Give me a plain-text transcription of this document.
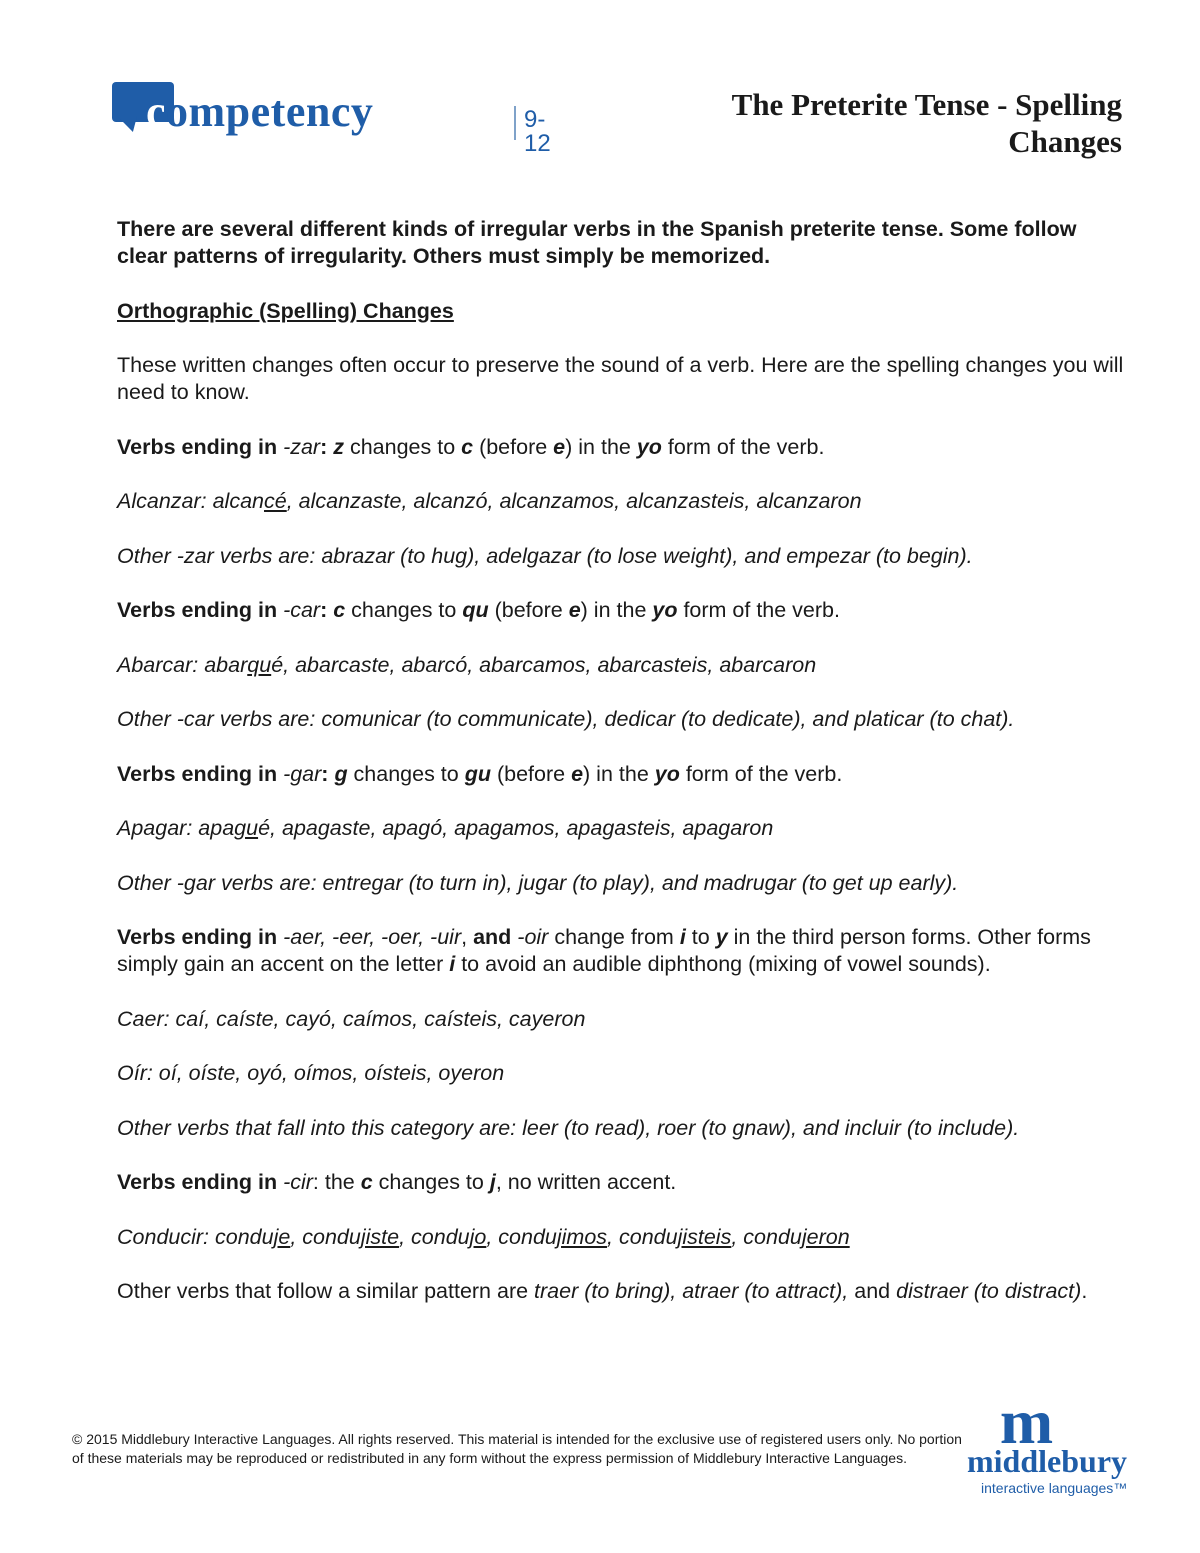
competency	9-12
The Preterite Tense - Spelling
Changes

There are several different kinds of irregular verbs in the Spanish preterite tense. Some follow clear patterns of irregularity. Others must simply be memorized.

Orthographic (Spelling) Changes

These written changes often occur to preserve the sound of a verb. Here are the spelling changes you will need to know.

Verbs ending in -zar: z changes to c (before e) in the yo form of the verb.

Alcanzar: alcancé, alcanzaste, alcanzó, alcanzamos, alcanzasteis, alcanzaron

Other -zar verbs are: abrazar (to hug), adelgazar (to lose weight), and empezar (to begin).

Verbs ending in -car: c changes to qu (before e) in the yo form of the verb.

Abarcar: abarqué, abarcaste, abarcó, abarcamos, abarcasteis, abarcaron

Other -car verbs are: comunicar (to communicate), dedicar (to dedicate), and platicar (to chat).

Verbs ending in -gar: g changes to gu (before e) in the yo form of the verb.

Apagar: apagué, apagaste, apagó, apagamos, apagasteis, apagaron

Other -gar verbs are: entregar (to turn in), jugar (to play), and madrugar (to get up early).

Verbs ending in -aer, -eer, -oer, -uir, and -oir change from i to y in the third person forms. Other forms simply gain an accent on the letter i to avoid an audible diphthong (mixing of vowel sounds).

Caer: caí, caíste, cayó, caímos, caísteis, cayeron

Oír: oí, oíste, oyó, oímos, oísteis, oyeron

Other verbs that fall into this category are: leer (to read), roer (to gnaw), and incluir (to include).

Verbs ending in -cir: the c changes to j, no written accent.

Conducir: conduje, condujiste, condujo, condujimos, condujisteis, condujeron

Other verbs that follow a similar pattern are traer (to bring), atraer (to attract), and distraer (to distract).

© 2015 Middlebury Interactive Languages. All rights reserved. This material is intended for the exclusive use of registered users only. No portion of these materials may be reproduced or redistributed in any form without the express permission of Middlebury Interactive Languages.
m
middlebury
interactive languages™
